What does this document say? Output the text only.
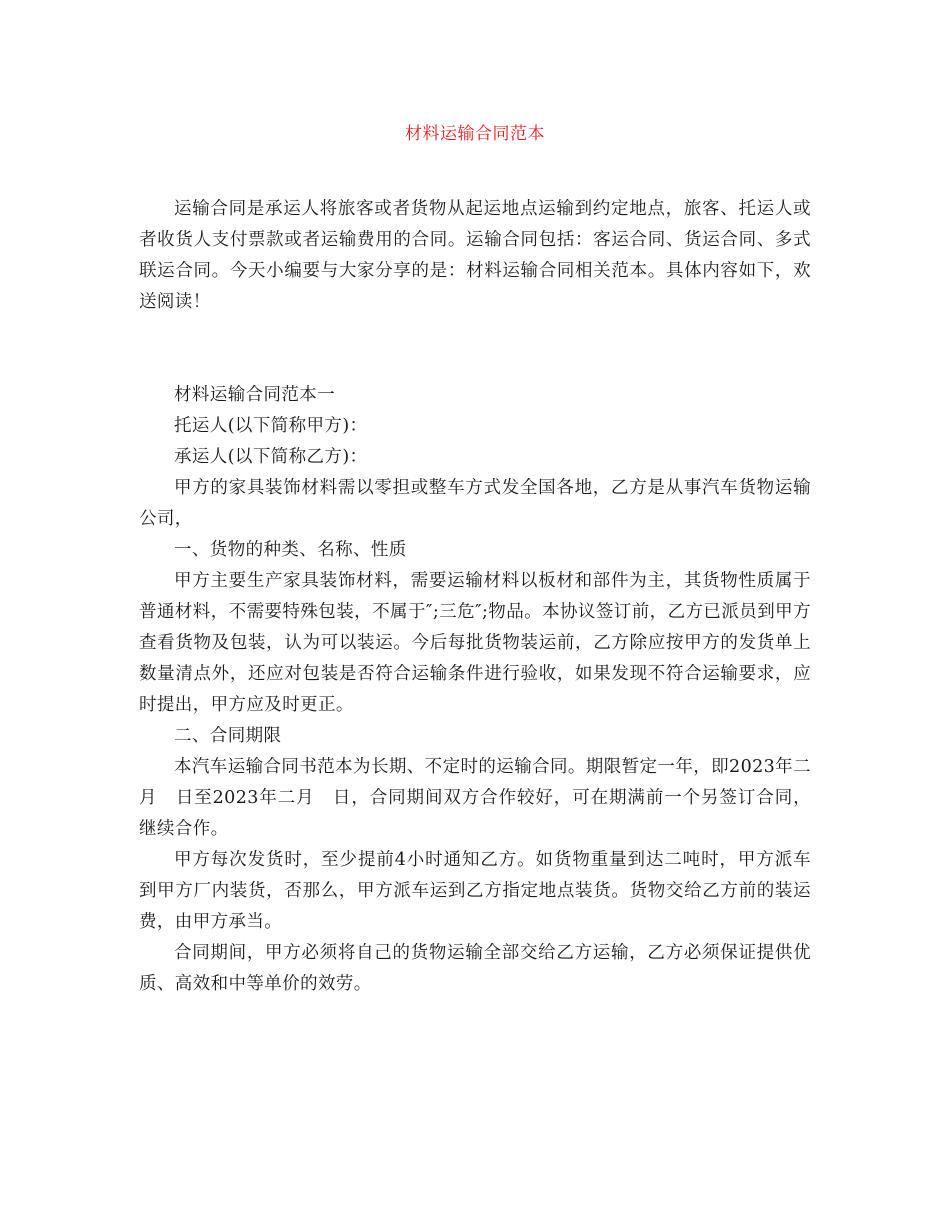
材料运输合同范本

运输合同是承运人将旅客或者货物从起运地点运输到约定地点，旅客、托运人或者收货人支付票款或者运输费用的合同。运输合同包括：客运合同、货运合同、多式联运合同。今天小编要与大家分享的是：材料运输合同相关范本。具体内容如下，欢送阅读！

材料运输合同范本一

托运人(以下简称甲方)：

承运人(以下简称乙方)：

甲方的家具装饰材料需以零担或整车方式发全国各地，乙方是从事汽车货物运输公司，

一、货物的种类、名称、性质

甲方主要生产家具装饰材料，需要运输材料以板材和部件为主，其货物性质属于普通材料，不需要特殊包装，不属于″;三危″;物品。本协议签订前，乙方已派员到甲方查看货物及包装，认为可以装运。今后每批货物装运前，乙方除应按甲方的发货单上数量清点外，还应对包装是否符合运输条件进行验收，如果发现不符合运输要求，应时提出，甲方应及时更正。

二、合同期限

本汽车运输合同书范本为长期、不定时的运输合同。期限暂定一年，即2023年二月　日至2023年二月　日，合同期间双方合作较好，可在期满前一个另签订合同，继续合作。

甲方每次发货时，至少提前4小时通知乙方。如货物重量到达二吨时，甲方派车到甲方厂内装货，否那么，甲方派车运到乙方指定地点装货。货物交给乙方前的装运费，由甲方承当。

合同期间，甲方必须将自己的货物运输全部交给乙方运输，乙方必须保证提供优质、高效和中等单价的效劳。
